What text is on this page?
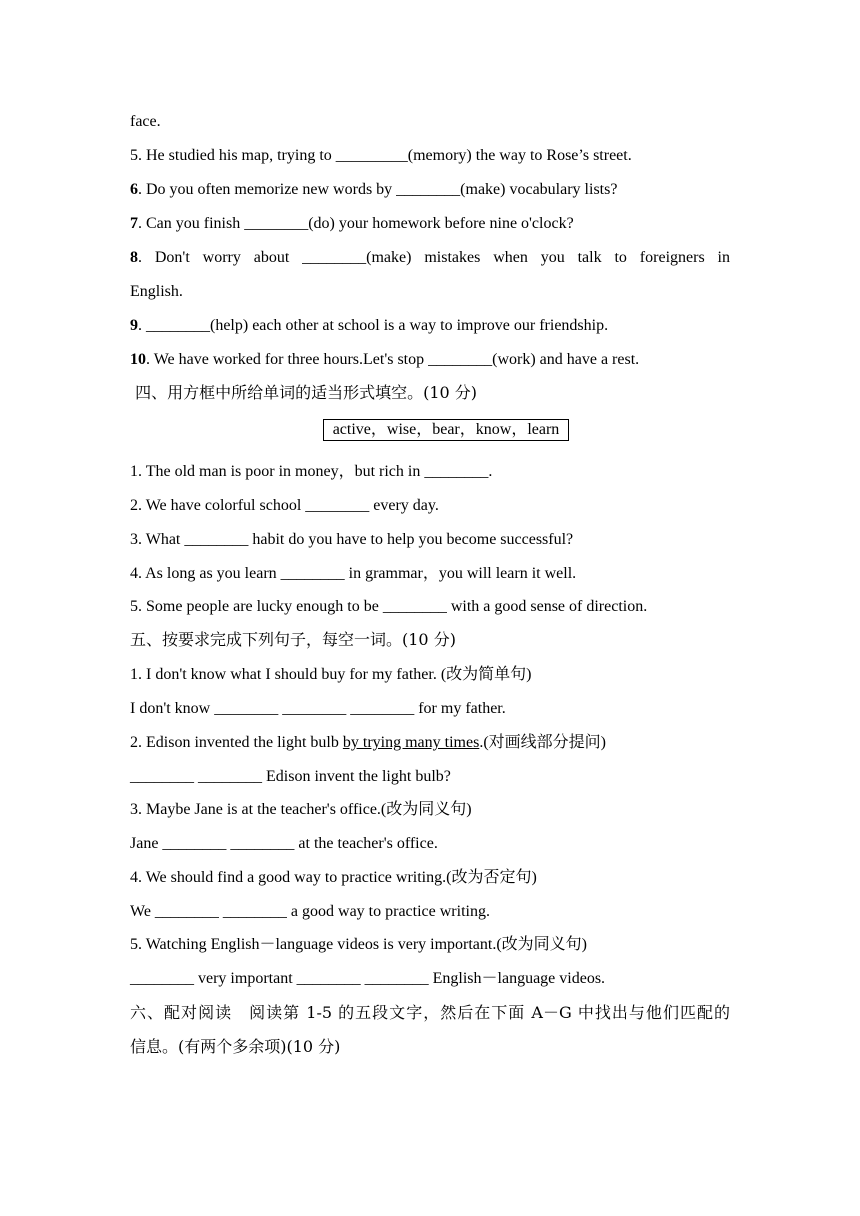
face.
5. He studied his map, trying to _________(memory) the way to Rose’s street.
6. Do you often memorize new words by ________(make) vocabulary lists?
7. Can you finish ________(do) your homework before nine o'clock?
8. Don't worry about ________(make) mistakes when you talk to foreigners in
English.
9. ________(help) each other at school is a way to improve our friendship.
10. We have worked for three hours.Let's stop ________(work) and have a rest.
四、用方框中所给单词的适当形式填空。(10 分)
active，wise，bear，know，learn
1. The old man is poor in money，but rich in ________.
2. We have colorful school ________ every day.
3. What ________ habit do you have to help you become successful?
4. As long as you learn ________ in grammar，you will learn it well.
5. Some people are lucky enough to be ________ with a good sense of direction.
五、按要求完成下列句子，每空一词。(10 分)
1. I don't know what I should buy for my father. (改为简单句)
I don't know ________ ________ ________ for my father.
2. Edison invented the light bulb by trying many times.(对画线部分提问)
________ ________ Edison invent the light bulb?
3. Maybe Jane is at the teacher's office.(改为同义句)
Jane ________ ________ at the teacher's office.
4. We should find a good way to practice writing.(改为否定句)
We ________ ________ a good way to practice writing.
5. Watching English－language videos is very important.(改为同义句)
________ very important ________ ________ English－language videos.
六、配对阅读　阅读第 1-5 的五段文字，然后在下面 A－G 中找出与他们匹配的
信息。(有两个多余项)(10 分)
